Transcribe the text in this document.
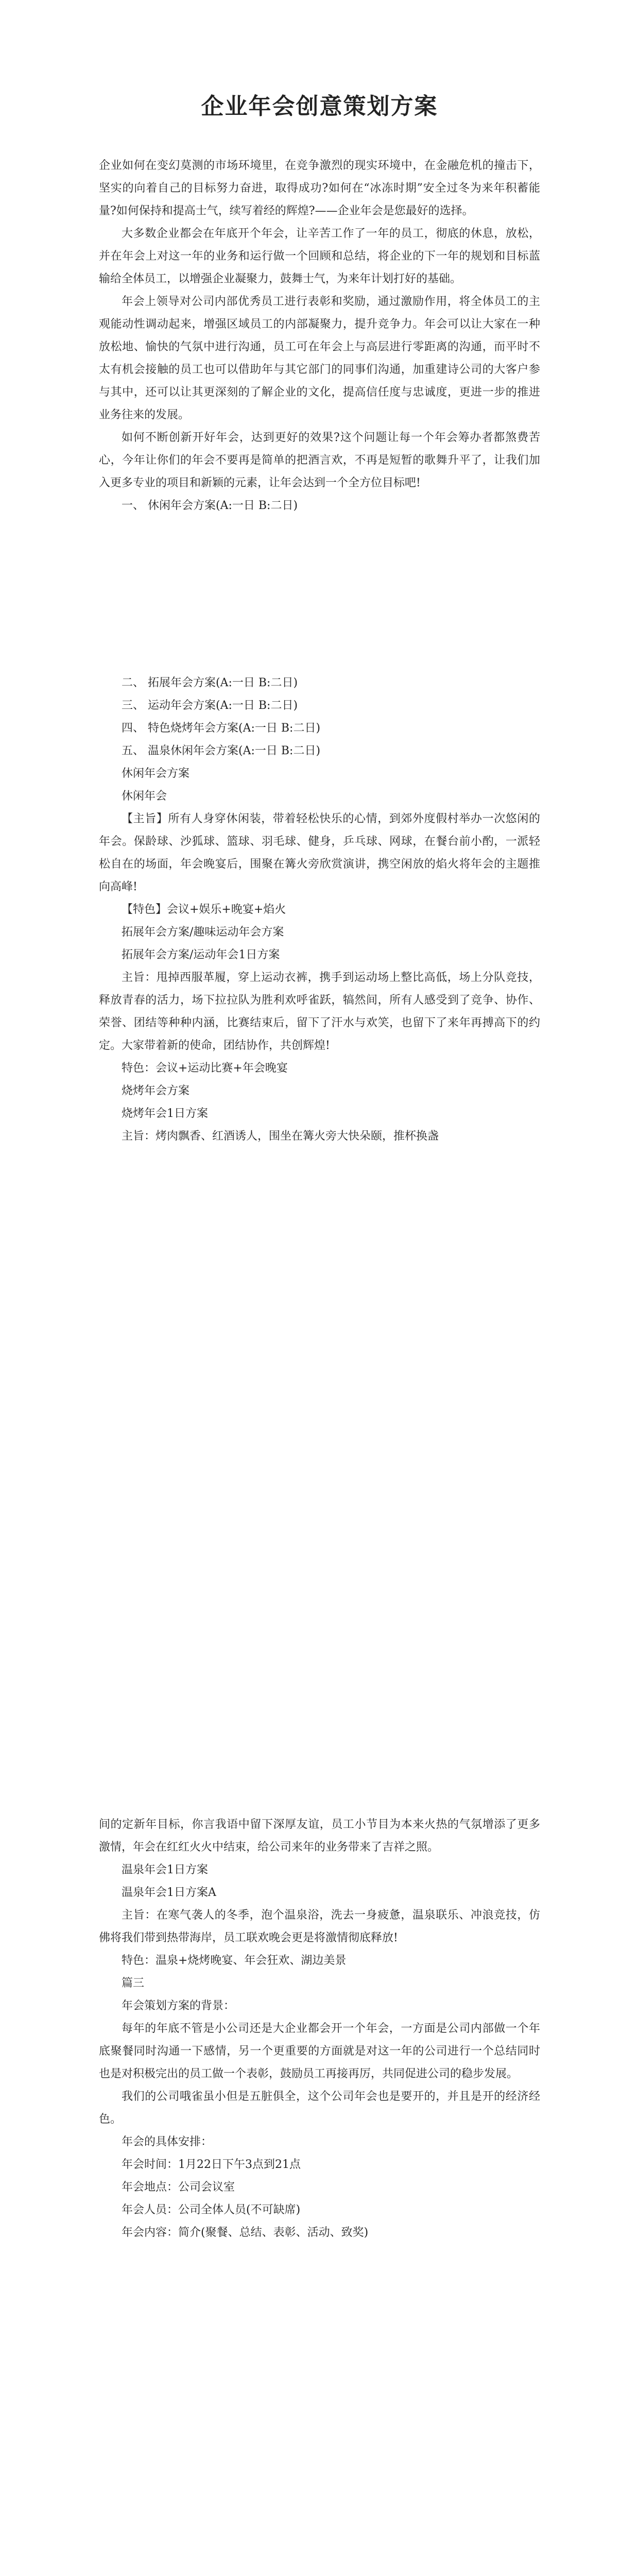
企业年会创意策划方案

企业如何在变幻莫测的市场环境里，在竞争激烈的现实环境中，在金融危机的撞击下，坚实的向着自己的目标努力奋进，取得成功?如何在“冰冻时期”安全过冬为来年积蓄能量?如何保持和提高士气，续写着经的辉煌?——企业年会是您最好的选择。

大多数企业都会在年底开个年会，让辛苦工作了一年的员工，彻底的休息，放松，并在年会上对这一年的业务和运行做一个回顾和总结，将企业的下一年的规划和目标蓝输给全体员工，以增强企业凝聚力，鼓舞士气，为来年计划打好的基础。

年会上领导对公司内部优秀员工进行表彰和奖励，通过激励作用，将全体员工的主观能动性调动起来，增强区域员工的内部凝聚力，提升竞争力。年会可以让大家在一种放松地、愉快的气氛中进行沟通，员工可在年会上与高层进行零距离的沟通，而平时不太有机会接触的员工也可以借助年与其它部门的同事们沟通，加重建诗公司的大客户参与其中，还可以让其更深刻的了解企业的文化，提高信任度与忠诚度，更进一步的推进业务往来的发展。

如何不断创新开好年会，达到更好的效果?这个问题让每一个年会筹办者都煞费苦心，今年让你们的年会不要再是简单的把酒言欢，不再是短暂的歌舞升平了，让我们加入更多专业的项目和新颖的元素，让年会达到一个全方位目标吧!

一、 休闲年会方案(A:一日 B:二日)

二、 拓展年会方案(A:一日 B:二日)

三、 运动年会方案(A:一日 B:二日)

四、 特色烧烤年会方案(A:一日 B:二日)

五、 温泉休闲年会方案(A:一日 B:二日)

休闲年会方案

休闲年会

【主旨】所有人身穿休闲装，带着轻松快乐的心情，到郊外度假村举办一次悠闲的年会。保龄球、沙狐球、篮球、羽毛球、健身，乒乓球、网球，在餐台前小酌，一派轻松自在的场面，年会晚宴后，围聚在篝火旁欣赏演讲，携空闲放的焰火将年会的主题推向高峰!

【特色】会议+娱乐+晚宴+焰火

拓展年会方案/趣味运动年会方案

拓展年会方案/运动年会1日方案

主旨：甩掉西服革履，穿上运动衣裤，携手到运动场上整比高低，场上分队竞技，释放青春的活力，场下拉拉队为胜利欢呼雀跃，犒然间，所有人感受到了竞争、协作、荣誉、团结等种种内涵，比赛结束后，留下了汗水与欢笑，也留下了来年再搏高下的约定。大家带着新的使命，团结协作，共创辉煌!

特色：会议+运动比赛+年会晚宴

烧烤年会方案

烧烤年会1日方案

主旨：烤肉飘香、红酒诱人，围坐在篝火旁大快朵颐，推杯换盏

间的定新年目标，你言我语中留下深厚友谊，员工小节目为本来火热的气氛增添了更多激情，年会在红红火火中结束，给公司来年的业务带来了吉祥之照。

温泉年会1日方案

温泉年会1日方案A

主旨：在寒气袭人的冬季，泡个温泉浴，洗去一身疲惫，温泉联乐、冲浪竞技，仿佛将我们带到热带海岸，员工联欢晚会更是将激情彻底释放!

特色：温泉+烧烤晚宴、年会狂欢、湖边美景

篇三

年会策划方案的背景：

每年的年底不管是小公司还是大企业都会开一个年会，一方面是公司内部做一个年底聚餐同时沟通一下感情，另一个更重要的方面就是对这一年的公司进行一个总结同时也是对积极完出的员工做一个表彰，鼓励员工再接再厉，共同促进公司的稳步发展。

我们的公司哦雀虽小但是五脏俱全，这个公司年会也是要开的，并且是开的经济经色。

年会的具体安排：

年会时间：1月22日下午3点到21点

年会地点：公司会议室

年会人员：公司全体人员(不可缺席)

年会内容：简介(聚餐、总结、表彰、活动、致奖)
